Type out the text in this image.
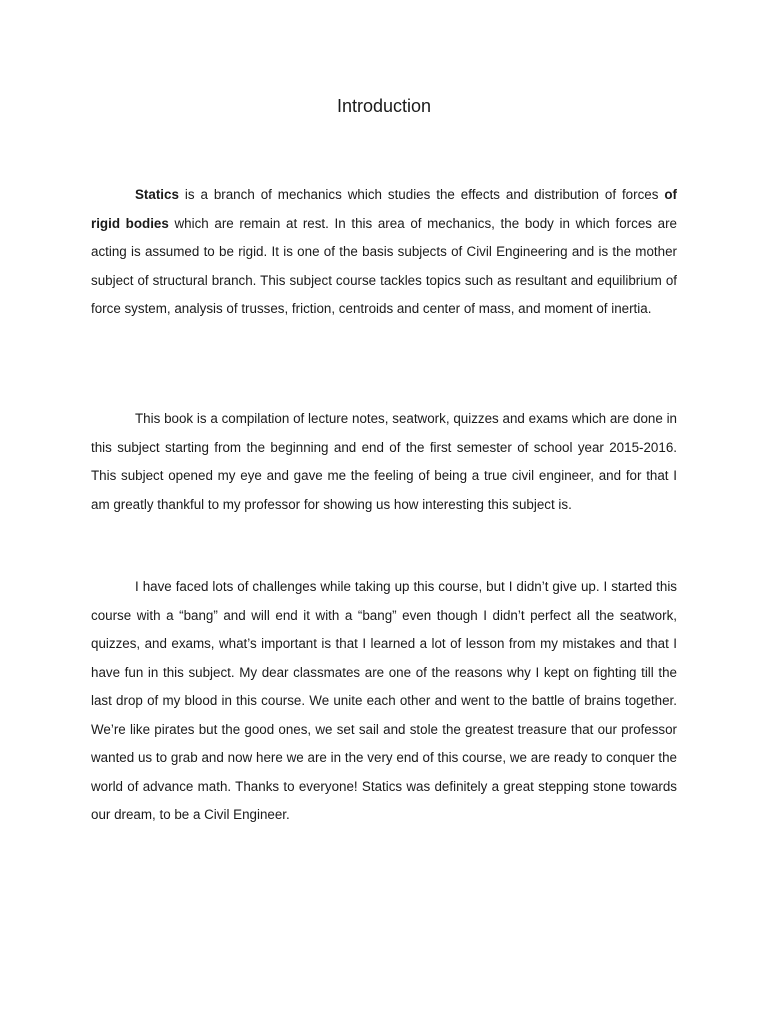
Introduction

Statics is a branch of mechanics which studies the effects and distribution of forces of rigid bodies which are remain at rest. In this area of mechanics, the body in which forces are acting is assumed to be rigid. It is one of the basis subjects of Civil Engineering and is the mother subject of structural branch. This subject course tackles topics such as resultant and equilibrium of force system, analysis of trusses, friction, centroids and center of mass, and moment of inertia.

This book is a compilation of lecture notes, seatwork, quizzes and exams which are done in this subject starting from the beginning and end of the first semester of school year 2015-2016. This subject opened my eye and gave me the feeling of being a true civil engineer, and for that I am greatly thankful to my professor for showing us how interesting this subject is.

I have faced lots of challenges while taking up this course, but I didn’t give up. I started this course with a “bang” and will end it with a “bang” even though I didn’t perfect all the seatwork, quizzes, and exams, what’s important is that I learned a lot of lesson from my mistakes and that I have fun in this subject. My dear classmates are one of the reasons why I kept on fighting till the last drop of my blood in this course. We unite each other and went to the battle of brains together. We’re like pirates but the good ones, we set sail and stole the greatest treasure that our professor wanted us to grab and now here we are in the very end of this course, we are ready to conquer the world of advance math. Thanks to everyone! Statics was definitely a great stepping stone towards our dream, to be a Civil Engineer.
